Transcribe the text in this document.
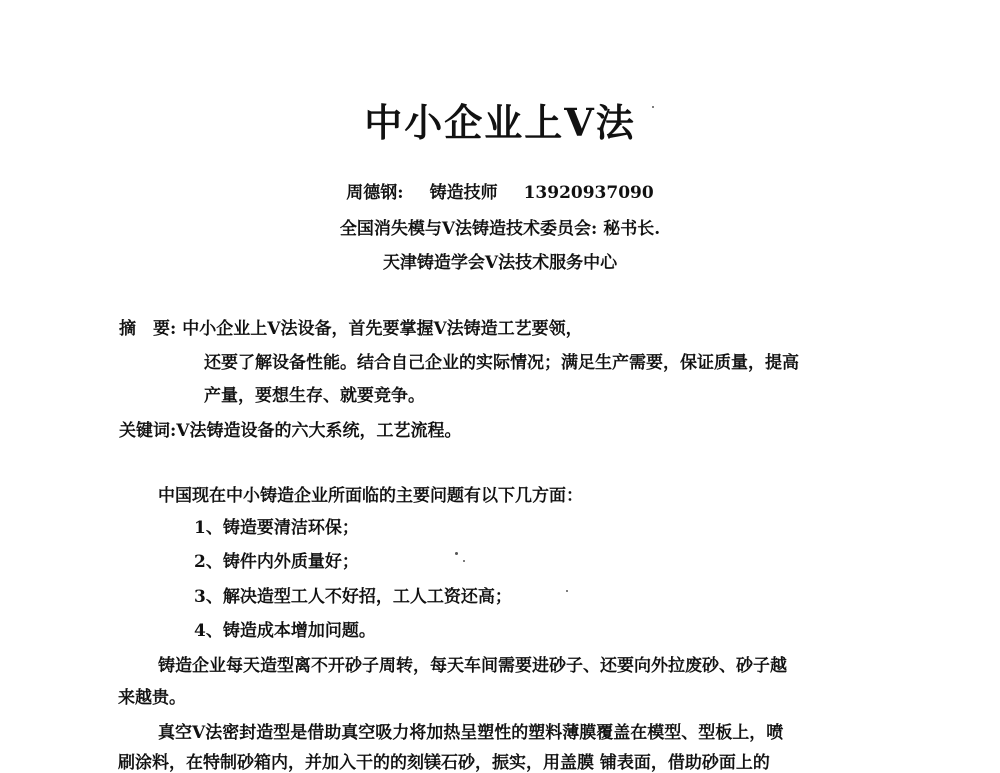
中小企业上V法
周德钢: 铸造技师 13920937090
全国消失模与V法铸造技术委员会: 秘书长.
天津铸造学会V法技术服务中心
摘　要: 中小企业上V法设备，首先要掌握V法铸造工艺要领，
还要了解设备性能。结合自己企业的实际情况；满足生产需要，保证质量，提高
产量，要想生存、就要竞争。
关键词:V法铸造设备的六大系统，工艺流程。
中国现在中小铸造企业所面临的主要问题有以下几方面：
1、铸造要清洁环保；
2、铸件内外质量好；
3、解决造型工人不好招，工人工资还高；
4、铸造成本增加问题。
铸造企业每天造型离不开砂子周转，每天车间需要进砂子、还要向外拉废砂、砂子越
来越贵。
真空V法密封造型是借助真空吸力将加热呈塑性的塑料薄膜覆盖在模型、型板上，喷
刷涂料，在特制砂箱内，并加入干的的刻镁石砂，振实，用盖膜 铺表面，借助砂面上的
